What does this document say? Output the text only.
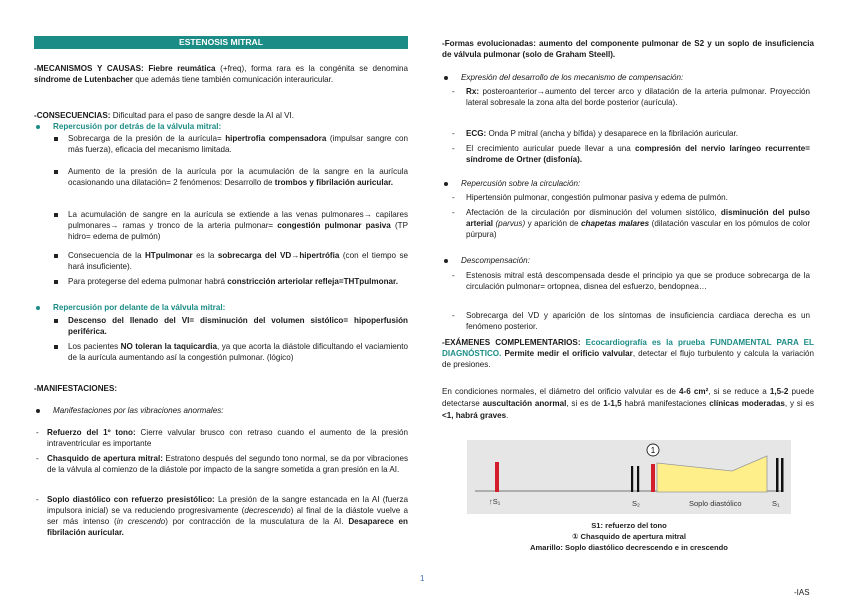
ESTENOSIS MITRAL

-MECANISMOS Y CAUSAS: Fiebre reumática (+freq), forma rara es la congénita se denomina síndrome de Lutenbacher que además tiene también comunicación interauricular.

-CONSECUENCIAS: Dificultad para el paso de sangre desde la AI al VI.

Repercusión por detrás de la válvula mitral:
Sobrecarga de la presión de la aurícula= hipertrofia compensadora (impulsar sangre con más fuerza), eficacia del mecanismo limitada.
Aumento de la presión de la aurícula por la acumulación de la sangre en la aurícula ocasionando una dilatación= 2 fenómenos: Desarrollo de trombos y fibrilación auricular.
La acumulación de sangre en la aurícula se extiende a las venas pulmonares→ capilares pulmonares→ ramas y tronco de la arteria pulmonar= congestión pulmonar pasiva (TP hidro= edema de pulmón)
Consecuencia de la HTpulmonar es la sobrecarga del VD→hipertrófia (con el tiempo se hará insuficiente).
Para protegerse del edema pulmonar habrá constricción arteriolar refleja=THTpulmonar.
Repercusión por delante de la válvula mitral:
Descenso del llenado del VI= disminución del volumen sistólico= hipoperfusión periférica.
Los pacientes NO toleran la taquicardia, ya que acorta la diástole dificultando el vaciamiento de la aurícula aumentando así la congestión pulmonar. (lógico)

-MANIFESTACIONES:

Manifestaciones por las vibraciones anormales:
- Refuerzo del 1º tono: Cierre valvular brusco con retraso cuando el aumento de la presión intraventricular es importante
- Chasquido de apertura mitral: Estratono después del segundo tono normal, se da por vibraciones de la válvula al comienzo de la diástole por impacto de la sangre sometida a gran presión en la AI.
- Soplo diastólico con refuerzo presistólico: La presión de la sangre estancada en la AI (fuerza impulsora inicial) se va reduciendo progresivamente (decrescendo) al final de la diástole vuelve a ser más intenso (in crescendo) por contracción de la musculatura de la AI. Desaparece en fibrilación auricular.

-Formas evolucionadas: aumento del componente pulmonar de S2 y un soplo de insuficiencia de válvula pulmonar (solo de Graham Steell).

Expresión del desarrollo de los mecanismo de compensación:
- Rx: posteroanterior→aumento del tercer arco y dilatación de la arteria pulmonar. Proyección lateral sobresale la zona alta del borde posterior (aurícula).
- ECG: Onda P mitral (ancha y bífida) y desaparece en la fibrilación auricular.
- El crecimiento auricular puede llevar a una compresión del nervio laríngeo recurrente= síndrome de Ortner (disfonía).
Repercusión sobre la circulación:
- Hipertensión pulmonar, congestión pulmonar pasiva y edema de pulmón.
- Afectación de la circulación por disminución del volumen sistólico, disminución del pulso arterial (parvus) y aparición de chapetas malares (dilatación vascular en los pómulos de color púrpura)
Descompensación:
- Estenosis mitral está descompensada desde el principio ya que se produce sobrecarga de la circulación pulmonar= ortopnea, disnea del esfuerzo, bendopnea…
- Sobrecarga del VD y aparición de los síntomas de insuficiencia cardiaca derecha es un fenómeno posterior.

-EXÁMENES COMPLEMENTARIOS: Ecocardiografía es la prueba FUNDAMENTAL PARA EL DIAGNÓSTICO. Permite medir el orificio valvular, detectar el flujo turbulento y calcula la variación de presiones.

En condiciones normales, el diámetro del orificio valvular es de 4-6 cm², si se reduce a 1,5-2 puede detectarse auscultación anormal, si es de 1-1,5 habrá manifestaciones clínicas moderadas, y si es <1, habrá graves.

1
↑S₁	S₂	Soplo diastólico	S₁
S1: refuerzo del tono
① Chasquido de apertura mitral
Amarillo: Soplo diastólico decrescendo e in crescendo
1
-IAS
